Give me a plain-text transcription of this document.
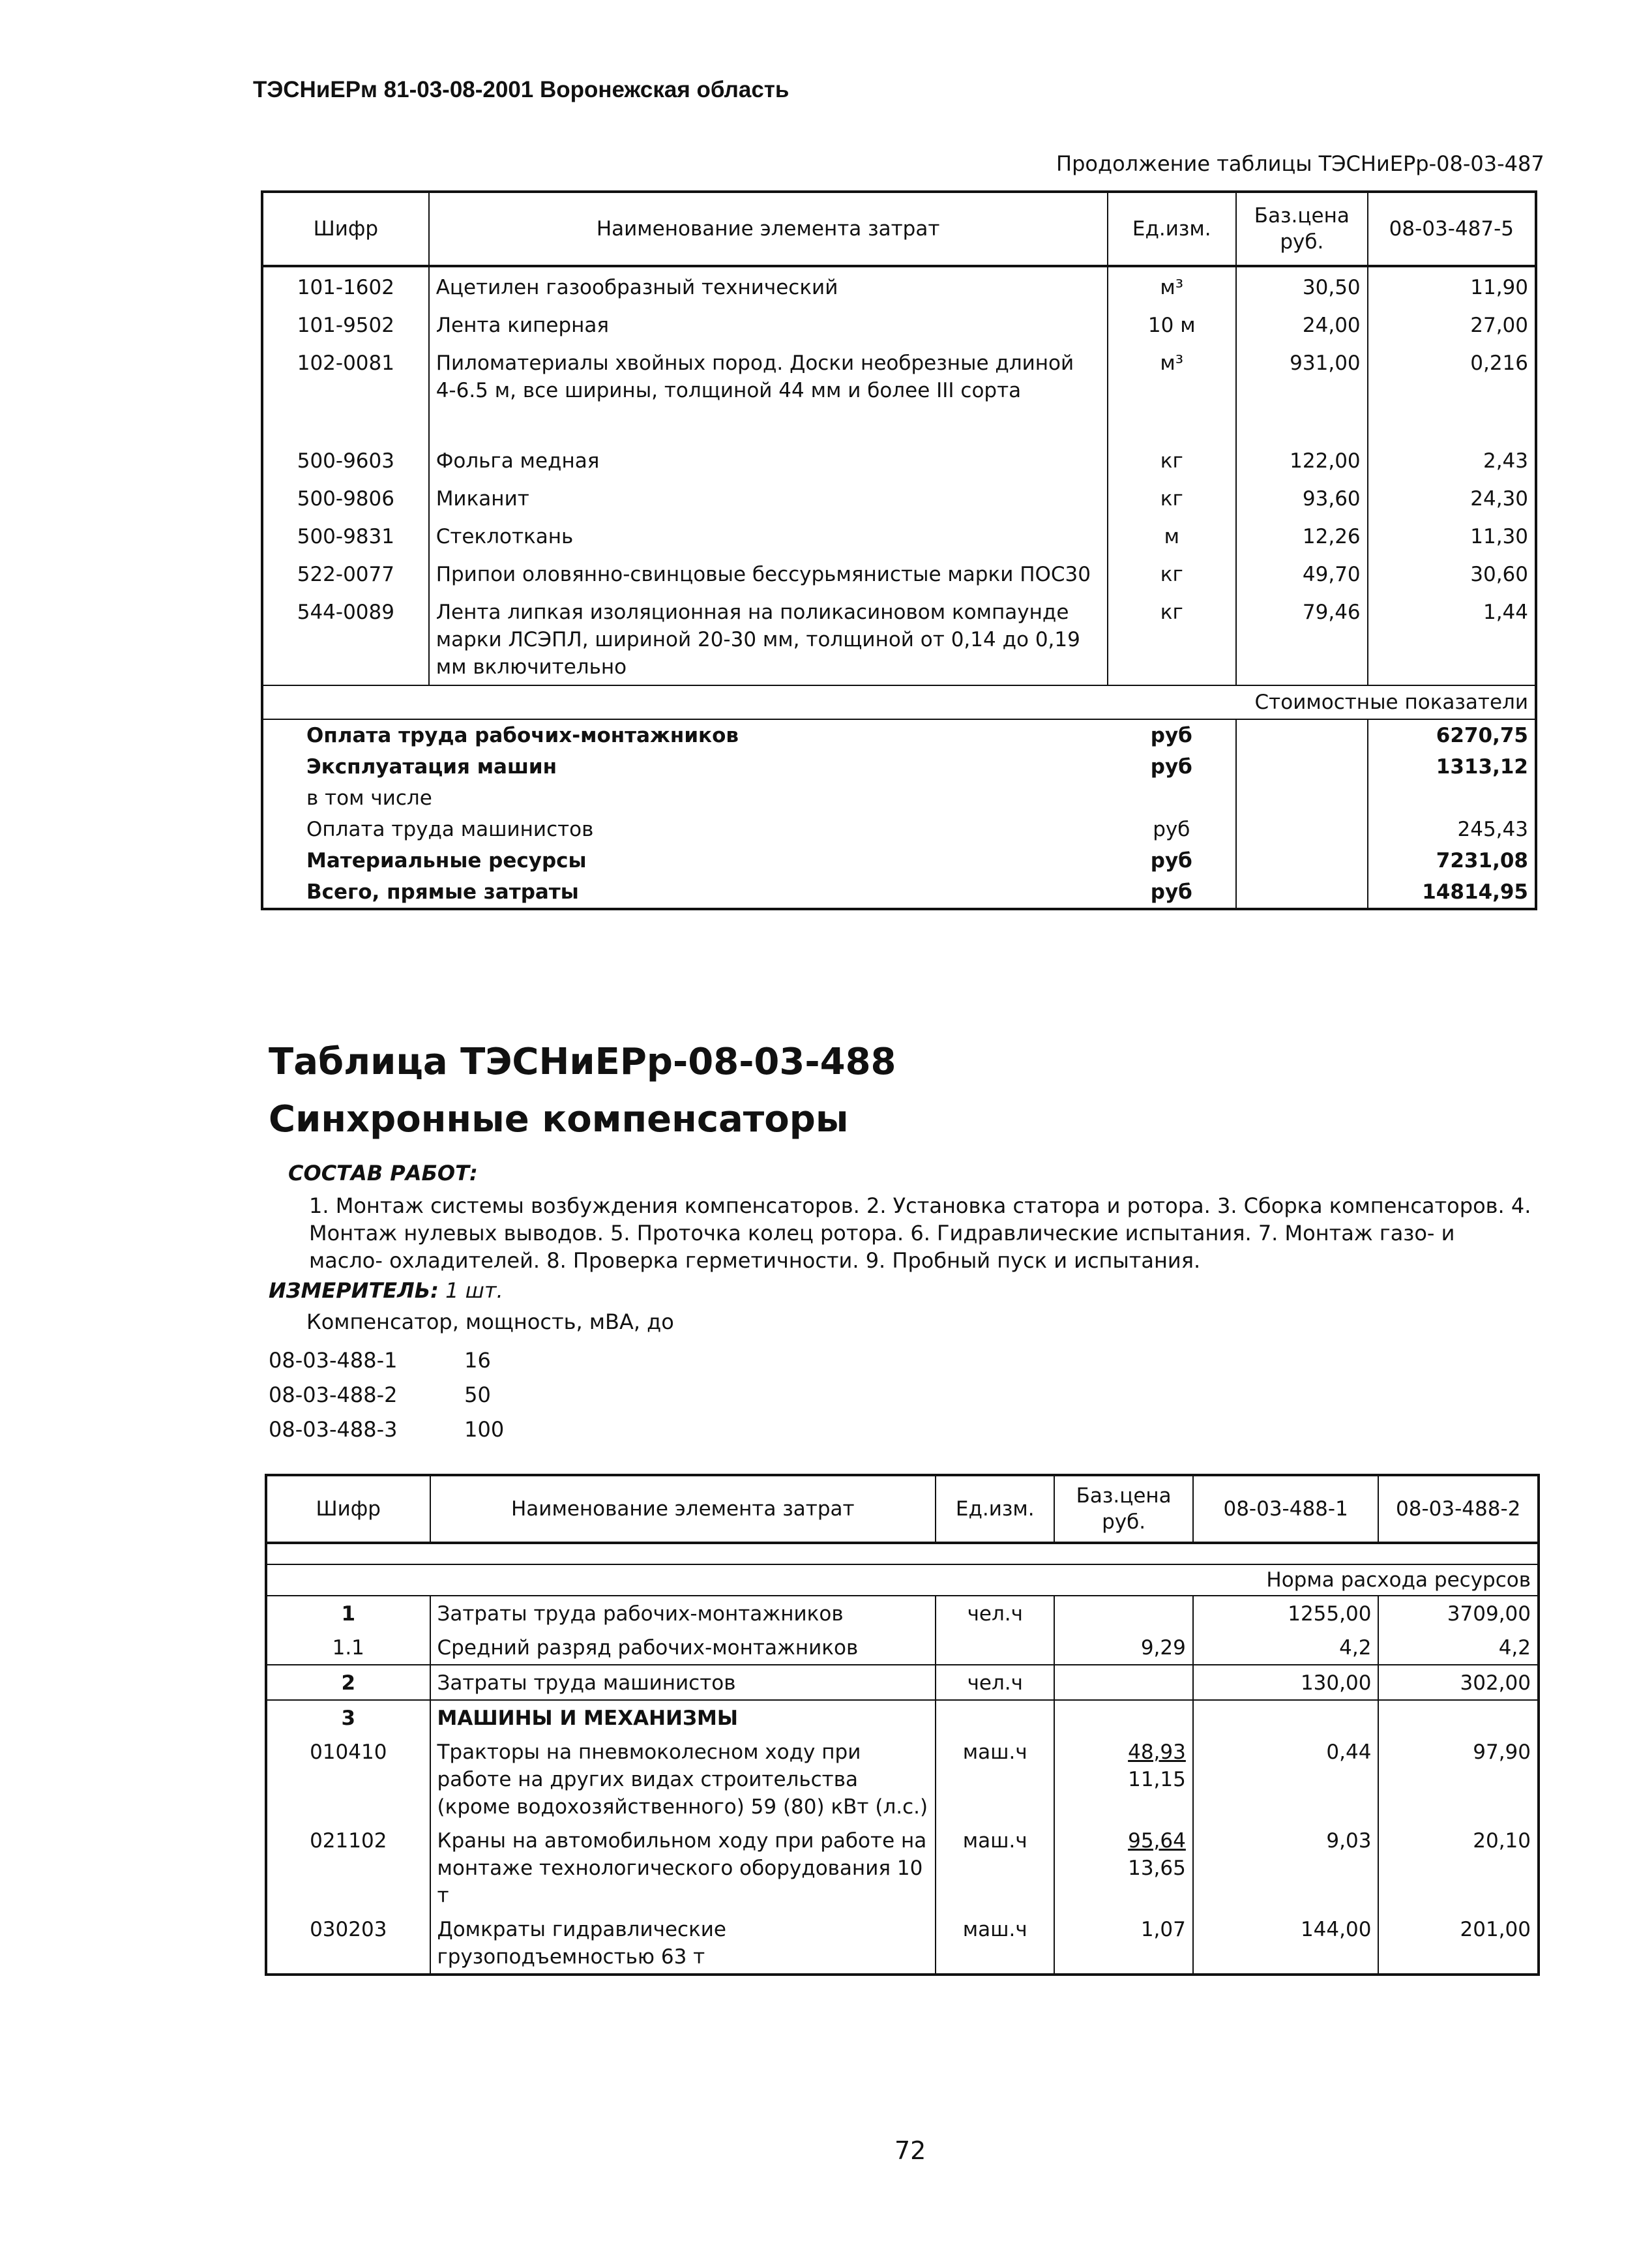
ТЭСНиЕРм 81-03-08-2001 Воронежская область
Продолжение таблицы ТЭСНиЕРр-08-03-487
Шифр	Наименование элемента затрат	Ед.изм.	Баз.цена руб.	08-03-487-5
101-1602	Ацетилен газообразный технический	м³	30,50	11,90
101-9502	Лента киперная	10 м	24,00	27,00
102-0081	Пиломатериалы хвойных пород. Доски необрезные длиной 4-6.5 м, все ширины, толщиной 44 мм и более III сорта	м³	931,00	0,216

500-9603	Фольга медная	кг	122,00	2,43
500-9806	Миканит	кг	93,60	24,30
500-9831	Стеклоткань	м	12,26	11,30
522-0077	Припои оловянно-свинцовые бессурьмянистые марки ПОС30	кг	49,70	30,60
544-0089	Лента липкая изоляционная на поликасиновом компаунде марки ЛСЭПЛ, шириной 20-30 мм, толщиной от 0,14 до 0,19 мм включительно	кг	79,46	1,44
Стоимостные показатели				
Оплата труда рабочих-монтажников		руб		6270,75
Эксплуатация машин		руб		1313,12
в том числе				
Оплата труда машинистов		руб		245,43
Материальные ресурсы		руб		7231,08
Всего, прямые затраты		руб		14814,95
Таблица ТЭСНиЕРр-08-03-488
Синхронные компенсаторы
СОСТАВ РАБОТ:
1. Монтаж системы возбуждения компенсаторов. 2. Установка статора и ротора. 3. Сборка компенсаторов. 4. Монтаж нулевых выводов. 5. Проточка колец ротора. 6. Гидравлические испытания. 7. Монтаж газо- и масло- охладителей. 8. Проверка герметичности. 9. Пробный пуск и испытания.
ИЗМЕРИТЕЛЬ: 1 шт.
Компенсатор, мощность, мВА, до
08-03-488-1	16
08-03-488-2	50
08-03-488-3	100
Шифр	Наименование элемента затрат	Ед.изм.	Баз.цена руб.	08-03-488-1	08-03-488-2

Норма расхода ресурсов					
1	Затраты труда рабочих-монтажников	чел.ч		1255,00	3709,00
1.1	Средний разряд рабочих-монтажников		9,29	4,2	4,2
2	Затраты труда машинистов	чел.ч		130,00	302,00
3	МАШИНЫ И МЕХАНИЗМЫ				
010410	Тракторы на пневмоколесном ходу при работе на других видах строительства (кроме водохозяйственного) 59 (80) кВт (л.с.)	маш.ч	$\frac{48,93}{11,15}$	0,44	97,90
021102	Краны на автомобильном ходу при работе на монтаже технологического оборудования 10 т	маш.ч	$\frac{95,64}{13,65}$	9,03	20,10
030203	Домкраты гидравлические грузоподъемностью 63 т	маш.ч	1,07	144,00	201,00
72
